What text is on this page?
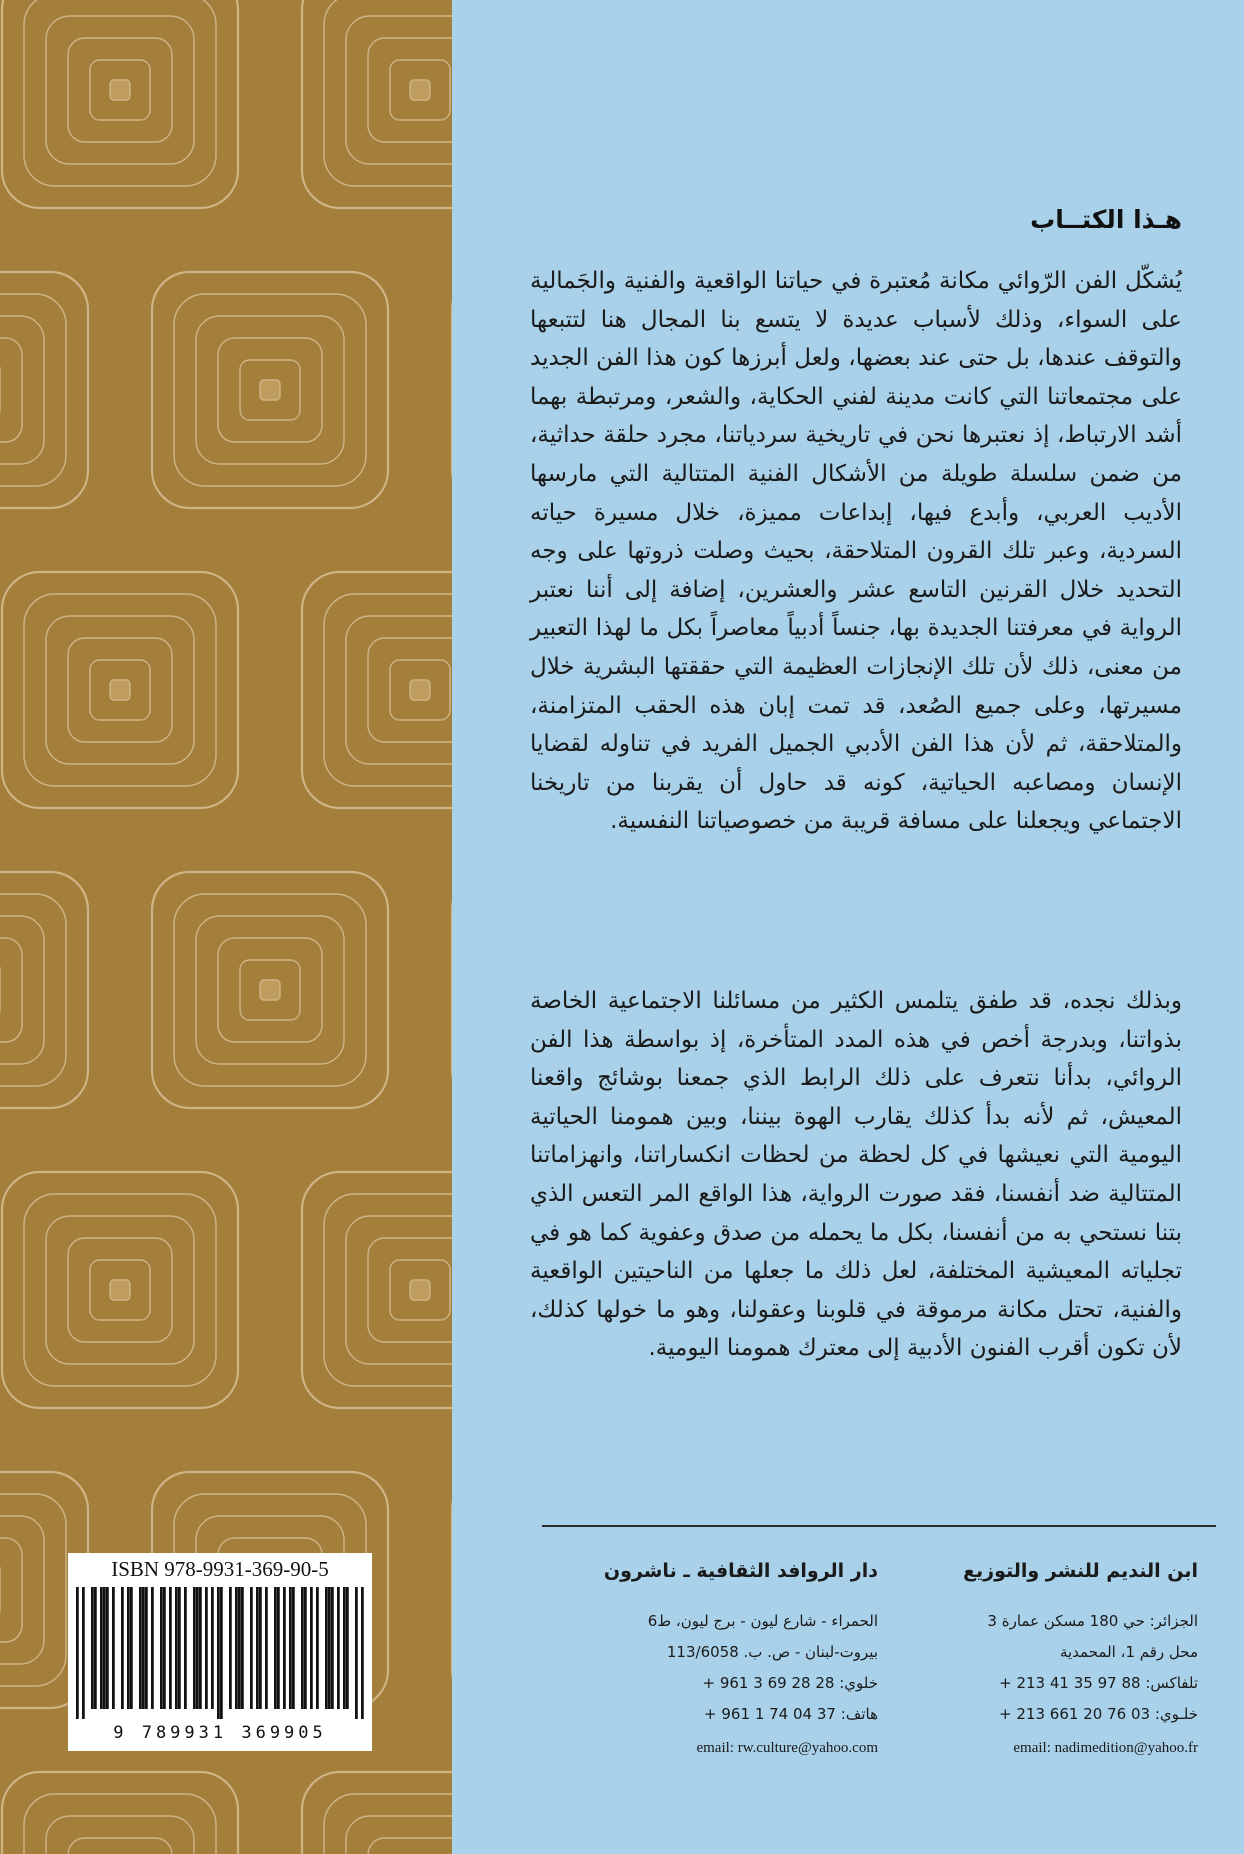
هـذا الكتــاب

يُشكّل الفن الرّوائي مكانة مُعتبرة في حياتنا الواقعية والفنية والجَمالية على السواء، وذلك لأسباب عديدة لا يتسع بنا المجال هنا لتتبعها والتوقف عندها، بل حتى عند بعضها، ولعل أبرزها كون هذا الفن الجديد على مجتمعاتنا التي كانت مدينة لفني الحكاية، والشعر، ومرتبطة بهما أشد الارتباط، إذ نعتبرها نحن في تاريخية سردياتنا، مجرد حلقة حداثية، من ضمن سلسلة طويلة من الأشكال الفنية المتتالية التي مارسها الأديب العربي، وأبدع فيها، إبداعات مميزة، خلال مسيرة حياته السردية، وعبر تلك القرون المتلاحقة، بحيث وصلت ذروتها على وجه التحديد خلال القرنين التاسع عشر والعشرين، إضافة إلى أننا نعتبر الرواية في معرفتنا الجديدة بها، جنساً أدبياً معاصراً بكل ما لهذا التعبير من معنى، ذلك لأن تلك الإنجازات العظيمة التي حققتها البشرية خلال مسيرتها، وعلى جميع الصُعد، قد تمت إبان هذه الحقب المتزامنة، والمتلاحقة، ثم لأن هذا الفن الأدبي الجميل الفريد في تناوله لقضايا الإنسان ومصاعبه الحياتية، كونه قد حاول أن يقربنا من تاريخنا الاجتماعي ويجعلنا على مسافة قريبة من خصوصياتنا النفسية.

وبذلك نجده، قد طفق يتلمس الكثير من مسائلنا الاجتماعية الخاصة بذواتنا، وبدرجة أخص في هذه المدد المتأخرة، إذ بواسطة هذا الفن الروائي، بدأنا نتعرف على ذلك الرابط الذي جمعنا بوشائج واقعنا المعيش، ثم لأنه بدأ كذلك يقارب الهوة بيننا، وبين همومنا الحياتية اليومية التي نعيشها في كل لحظة من لحظات انكساراتنا، وانهزاماتنا المتتالية ضد أنفسنا، فقد صورت الرواية، هذا الواقع المر التعس الذي بتنا نستحي به من أنفسنا، بكل ما يحمله من صدق وعفوية كما هو في تجلياته المعيشية المختلفة، لعل ذلك ما جعلها من الناحيتين الواقعية والفنية، تحتل مكانة مرموقة في قلوبنا وعقولنا، وهو ما خولها كذلك، لأن تكون أقرب الفنون الأدبية إلى معترك همومنا اليومية.

ابن النديم للنشر والتوزيع
الجزائر: حي 180 مسكن عمارة 3
محل رقم 1، المحمدية
تلفاكس: 88 97 35 41 213 +
خلـوي: 03 76 20 661 213 +
email: nadimedition@yahoo.fr
دار الروافد الثقافية ـ ناشرون
الحمراء - شارع ليون - برج ليون، ط6
بيروت-لبنان - ص. ب. 113/6058
خلوي: 28 28 69 3 961 +
هاتف: 37 04 74 1 961 +
email: rw.culture@yahoo.com
ISBN 978-9931-369-90-5
9 789931 369905
